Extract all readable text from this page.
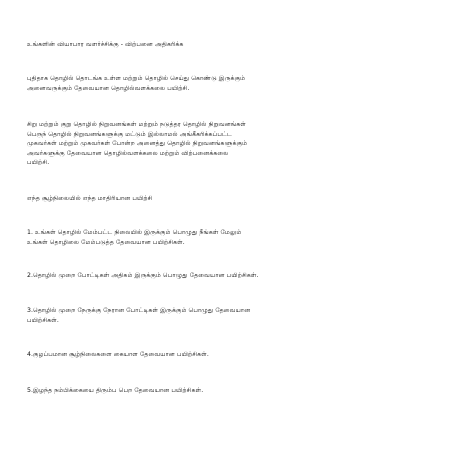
உங்களின் வியாபார வளர்ச்சிக்கு - விற்பனை அதிகரிக்க

புதிதாக தொழில் தொடங்க உள்ள மற்றும் தொழில் செய்து கொண்டு இருக்கும்
அனைவருக்கும் தேவையான தொழில்வளக்கலை பயிற்சி.

சிறு மற்றும் குறு தொழில் நிறுவனங்கள் மற்றும் நடுத்தர தொழில் நிறுவனங்கள்
பெருந் தொழில் நிறுவனங்களுக்கு மட்டும் இல்லாமல் அங்கீகரிக்கப்பட்ட
முகவர்கள் மற்றும் முகவர்கள் போன்ற அனைத்து தொழில் நிறுவனங்களுக்கும்
அவர்களுக்கு தேவையான தொழில்வளக்கலை மற்றும் விற்பனைக்கலை
பயிற்சி.

எந்த சூழ்நிலையில் எந்த மாதிரியான பயிற்சி

1. உங்கள் தொழில் மேம்பட்ட நிலையில் இருக்கும் பொழுது நீங்கள் மேலும்
உங்கள் தொழிலை மேம்படுத்த தேவையான பயிற்சிகள்.

2.தொழில் முறை போட்டிகள் அதிகம் இருக்கும் பொழுது தேவையான பயிற்சிகள்.

3.தொழில் முறை நேருக்கு நேரான போட்டிகள் இருக்கும் பொழுது தேவையான
பயிற்சிகள்.

4.குழப்பமான சூழ்நிலைகளை கையாள தேவையான பயிற்சிகள்.

5.இழந்த நம்பிக்கையை திரும்ப பெற தேவையான பயிற்சிகள்.
